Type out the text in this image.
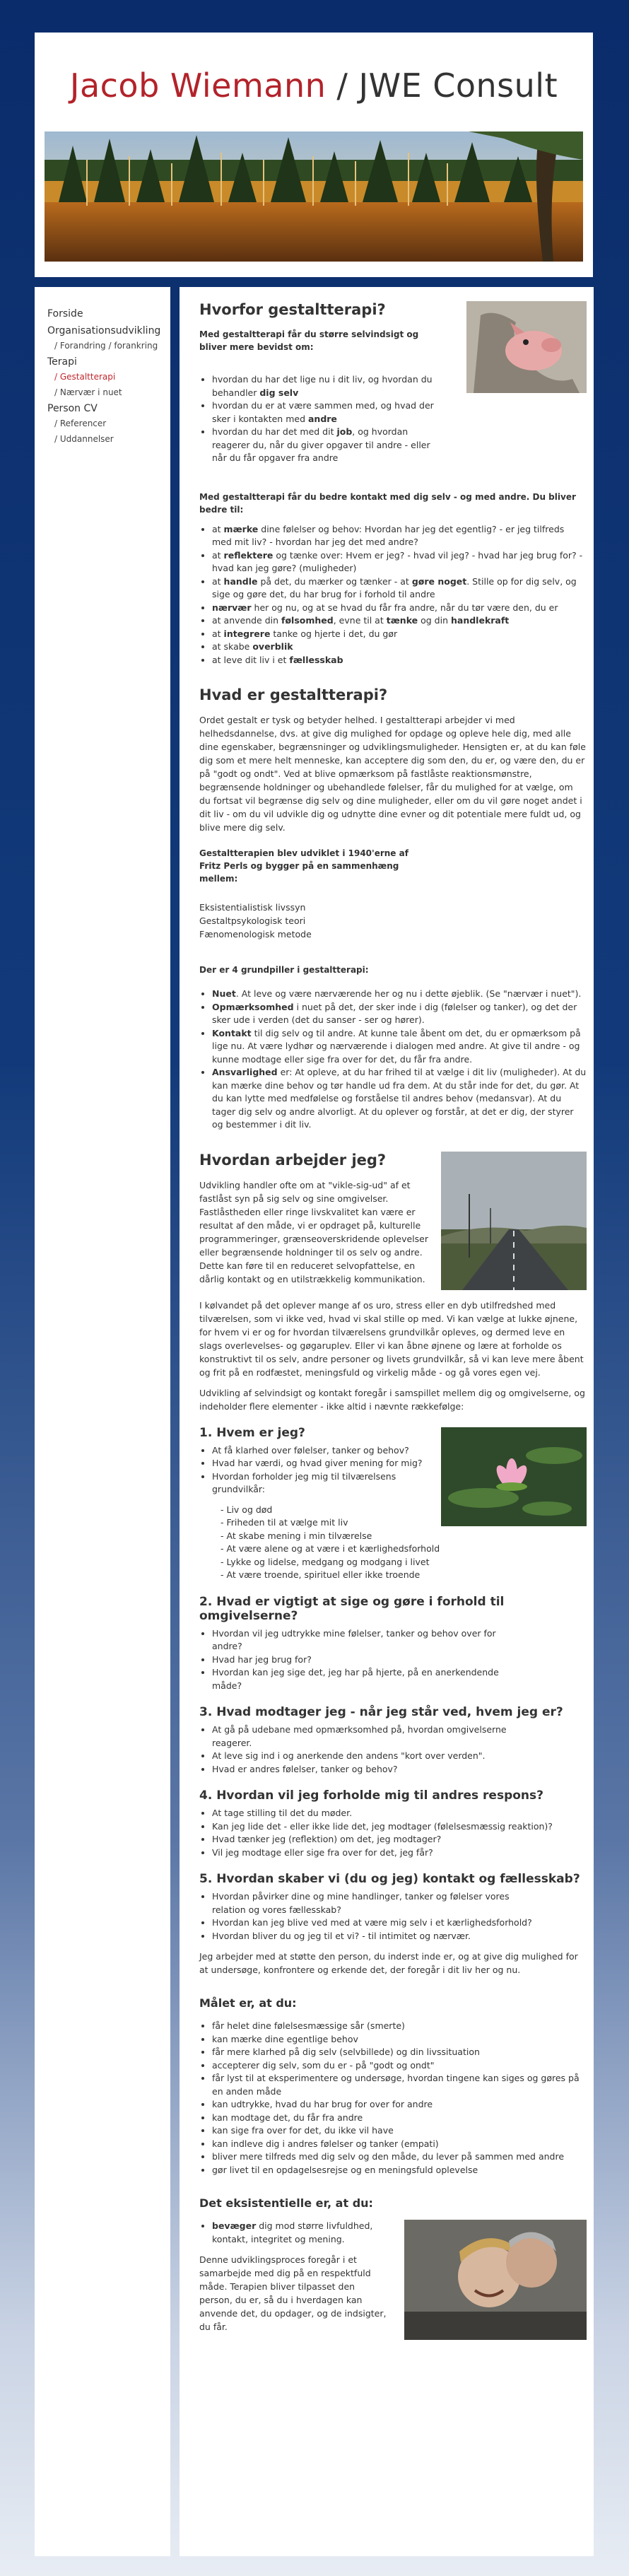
Jacob Wiemann / JWE Consult
Forside
Organisationsudvikling
/ Forandring / forankring
Terapi
/ Gestaltterapi
/ Nærvær i nuet
Person CV
/ Referencer
/ Uddannelser
Hvorfor gestaltterapi?

Med gestaltterapi får du større selvindsigt og bliver mere bevidst om:

• hvordan du har det lige nu i dit liv, og hvordan du behandler dig selv
• hvordan du er at være sammen med, og hvad der sker i kontakten med andre
• hvordan du har det med dit job, og hvordan reagerer du, når du giver opgaver til andre - eller når du får opgaver fra andre

Med gestaltterapi får du bedre kontakt med dig selv - og med andre. Du bliver bedre til:

• at mærke dine følelser og behov: Hvordan har jeg det egentlig? - er jeg tilfreds med mit liv? - hvordan har jeg det med andre?
• at reflektere og tænke over: Hvem er jeg? - hvad vil jeg? - hvad har jeg brug for? - hvad kan jeg gøre? (muligheder)
• at handle på det, du mærker og tænker - at gøre noget. Stille op for dig selv, og sige og gøre det, du har brug for i forhold til andre
• nærvær her og nu, og at se hvad du får fra andre, når du tør være den, du er
• at anvende din følsomhed, evne til at tænke og din handlekraft
• at integrere tanke og hjerte i det, du gør
• at skabe overblik
• at leve dit liv i et fællesskab
Hvad er gestaltterapi?

Ordet gestalt er tysk og betyder helhed. I gestaltterapi arbejder vi med helhedsdannelse, dvs. at give dig mulighed for opdage og opleve hele dig, med alle dine egenskaber, begrænsninger og udviklingsmuligheder. Hensigten er, at du kan føle dig som et mere helt menneske, kan acceptere dig som den, du er, og være den, du er på "godt og ondt". Ved at blive opmærksom på fastlåste reaktionsmønstre, begrænsende holdninger og ubehandlede følelser, får du mulighed for at vælge, om du fortsat vil begrænse dig selv og dine muligheder, eller om du vil gøre noget andet i dit liv - om du vil udvikle dig og udnytte dine evner og dit potentiale mere fuldt ud, og blive mere dig selv.

Gestaltterapien blev udviklet i 1940'erne af Fritz Perls og bygger på en sammenhæng mellem:

Eksistentialistisk livssyn

Gestaltpsykologisk teori

Fænomenologisk metode

Der er 4 grundpiller i gestaltterapi:

• Nuet. At leve og være nærværende her og nu i dette øjeblik. (Se "nærvær i nuet").
• Opmærksomhed i nuet på det, der sker inde i dig (følelser og tanker), og det der sker ude i verden (det du sanser - ser og hører).
• Kontakt til dig selv og til andre. At kunne tale åbent om det, du er opmærksom på lige nu. At være lydhør og nærværende i dialogen med andre. At give til andre - og kunne modtage eller sige fra over for det, du får fra andre.
• Ansvarlighed er: At opleve, at du har frihed til at vælge i dit liv (muligheder). At du kan mærke dine behov og tør handle ud fra dem. At du står inde for det, du gør. At du kan lytte med medfølelse og forståelse til andres behov (medansvar). At du tager dig selv og andre alvorligt. At du oplever og forstår, at det er dig, der styrer og bestemmer i dit liv.
Hvordan arbejder jeg?

Udvikling handler ofte om at "vikle-sig-ud" af et fastlåst syn på sig selv og sine omgivelser. Fastlåstheden eller ringe livskvalitet kan være er resultat af den måde, vi er opdraget på, kulturelle programmeringer, grænseoverskridende oplevelser eller begrænsende holdninger til os selv og andre. Dette kan føre til en reduceret selvopfattelse, en dårlig kontakt og en utilstrækkelig kommunikation.

I kølvandet på det oplever mange af os uro, stress eller en dyb utilfredshed med tilværelsen, som vi ikke ved, hvad vi skal stille op med. Vi kan vælge at lukke øjnene, for hvem vi er og for hvordan tilværelsens grundvilkår opleves, og dermed leve en slags overlevelses- og gøgaruplev. Eller vi kan åbne øjnene og lære at forholde os konstruktivt til os selv, andre personer og livets grundvilkår, så vi kan leve mere åbent og frit på en rodfæstet, meningsfuld og virkelig måde - og gå vores egen vej.

Udvikling af selvindsigt og kontakt foregår i samspillet mellem dig og omgivelserne, og indeholder flere elementer - ikke altid i nævnte rækkefølge:

1. Hvem er jeg?
• At få klarhed over følelser, tanker og behov?
• Hvad har værdi, og hvad giver mening for mig?
• Hvordan forholder jeg mig til tilværelsens grundvilkår:
- Liv og død
- Friheden til at vælge mit liv
- At skabe mening i min tilværelse
- At være alene og at være i et kærlighedsforhold
- Lykke og lidelse, medgang og modgang i livet
- At være troende, spirituel eller ikke troende
2. Hvad er vigtigt at sige og gøre i forhold til omgivelserne?
• Hvordan vil jeg udtrykke mine følelser, tanker og behov over for andre?
• Hvad har jeg brug for?
• Hvordan kan jeg sige det, jeg har på hjerte, på en anerkendende måde?
3. Hvad modtager jeg - når jeg står ved, hvem jeg er?
• At gå på udebane med opmærksomhed på, hvordan omgivelserne reagerer.
• At leve sig ind i og anerkende den andens "kort over verden".
• Hvad er andres følelser, tanker og behov?
4. Hvordan vil jeg forholde mig til andres respons?
• At tage stilling til det du møder.
• Kan jeg lide det - eller ikke lide det, jeg modtager (følelsesmæssig reaktion)?
• Hvad tænker jeg (reflektion) om det, jeg modtager?
• Vil jeg modtage eller sige fra over for det, jeg får?
5. Hvordan skaber vi (du og jeg) kontakt og fællesskab?
• Hvordan påvirker dine og mine handlinger, tanker og følelser vores relation og vores fællesskab?
• Hvordan kan jeg blive ved med at være mig selv i et kærlighedsforhold?
• Hvordan bliver du og jeg til et vi? - til intimitet og nærvær.

Jeg arbejder med at støtte den person, du inderst inde er, og at give dig mulighed for at undersøge, konfrontere og erkende det, der foregår i dit liv her og nu.

Målet er, at du:
• får helet dine følelsesmæssige sår (smerte)
• kan mærke dine egentlige behov
• får mere klarhed på dig selv (selvbillede) og din livssituation
• accepterer dig selv, som du er - på "godt og ondt"
• får lyst til at eksperimentere og undersøge, hvordan tingene kan siges og gøres på en anden måde
• kan udtrykke, hvad du har brug for over for andre
• kan modtage det, du får fra andre
• kan sige fra over for det, du ikke vil have
• kan indleve dig i andres følelser og tanker (empati)
• bliver mere tilfreds med dig selv og den måde, du lever på sammen med andre
• gør livet til en opdagelsesrejse og en meningsfuld oplevelse
Det eksistentielle er, at du:
• bevæger dig mod større livfuldhed, kontakt, integritet og mening.

Denne udviklingsproces foregår i et samarbejde med dig på en respektfuld måde. Terapien bliver tilpasset den person, du er, så du i hverdagen kan anvende det, du opdager, og de indsigter, du får.
